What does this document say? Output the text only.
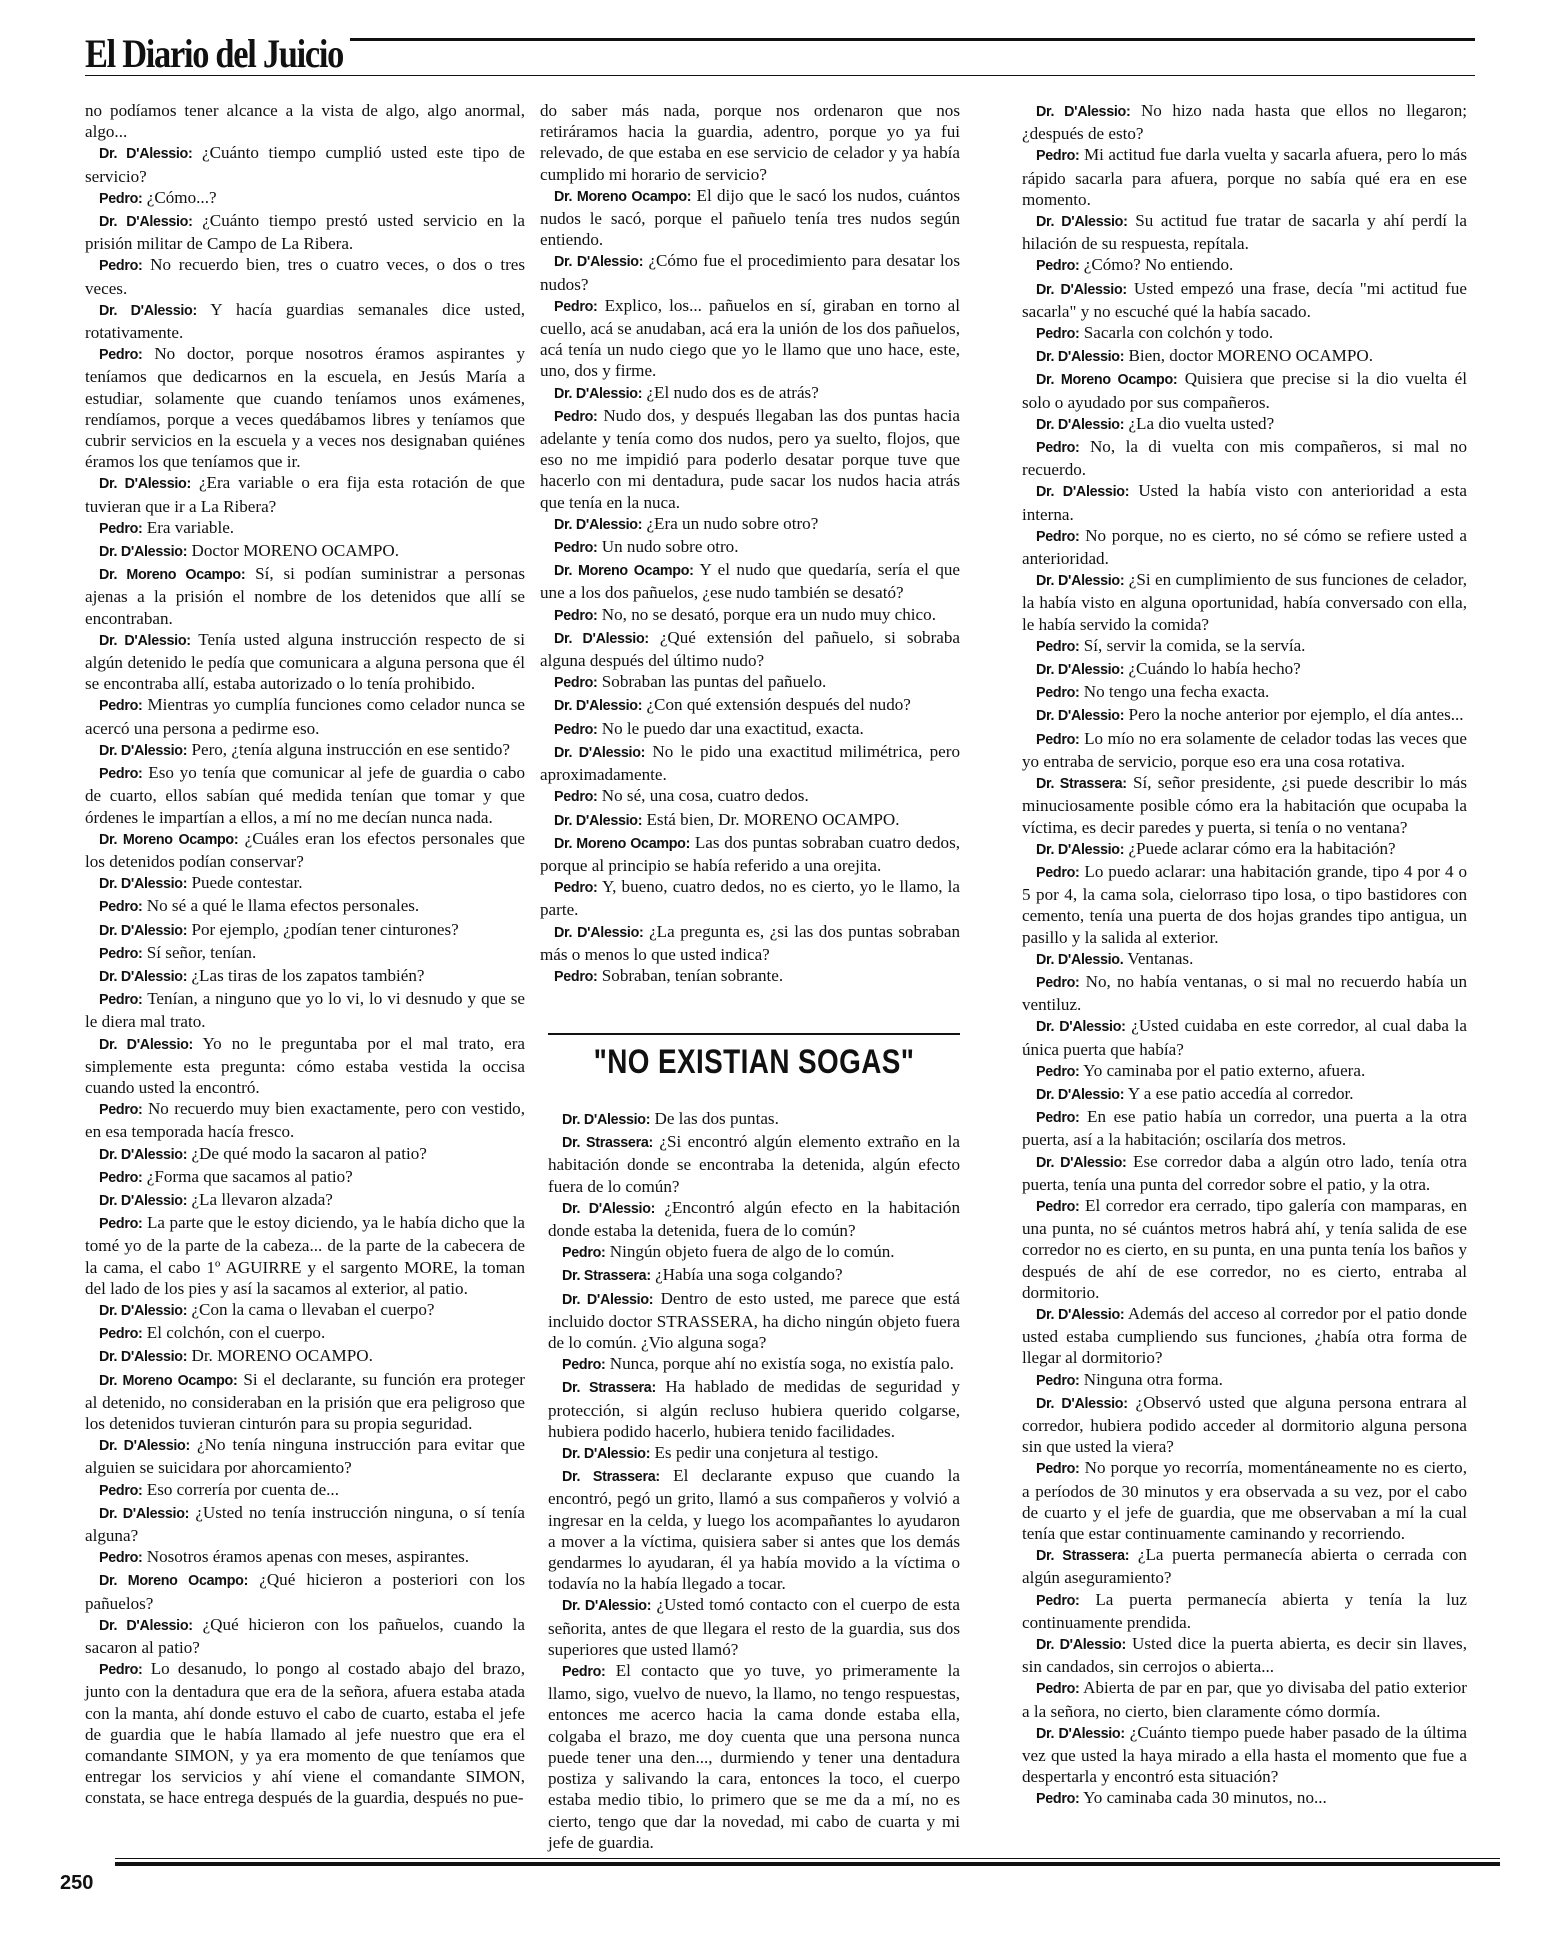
El Diario del Juicio

no podíamos tener alcance a la vista de algo, algo anormal, algo...

Dr. D'Alessio: ¿Cuánto tiempo cumplió usted este tipo de servicio?

Pedro: ¿Cómo...?

Dr. D'Alessio: ¿Cuánto tiempo prestó usted servicio en la prisión militar de Campo de La Ribera.

Pedro: No recuerdo bien, tres o cuatro veces, o dos o tres veces.

Dr. D'Alessio: Y hacía guardias semanales dice usted, rotativamente.

Pedro: No doctor, porque nosotros éramos aspirantes y teníamos que dedicarnos en la escuela, en Jesús María a estudiar, solamente que cuando teníamos unos exámenes, rendíamos, porque a veces quedábamos libres y teníamos que cubrir servicios en la escuela y a veces nos designaban quiénes éramos los que teníamos que ir.

Dr. D'Alessio: ¿Era variable o era fija esta rotación de que tuvieran que ir a La Ribera?

Pedro: Era variable.

Dr. D'Alessio: Doctor MORENO OCAMPO.

Dr. Moreno Ocampo: Sí, si podían suministrar a personas ajenas a la prisión el nombre de los detenidos que allí se encontraban.

Dr. D'Alessio: Tenía usted alguna instrucción respecto de si algún detenido le pedía que comunicara a alguna persona que él se encontraba allí, estaba autorizado o lo tenía prohibido.

Pedro: Mientras yo cumplía funciones como celador nunca se acercó una persona a pedirme eso.

Dr. D'Alessio: Pero, ¿tenía alguna instrucción en ese sentido?

Pedro: Eso yo tenía que comunicar al jefe de guardia o cabo de cuarto, ellos sabían qué medida tenían que tomar y que órdenes le impartían a ellos, a mí no me decían nunca nada.

Dr. Moreno Ocampo: ¿Cuáles eran los efectos personales que los detenidos podían conservar?

Dr. D'Alessio: Puede contestar.

Pedro: No sé a qué le llama efectos personales.

Dr. D'Alessio: Por ejemplo, ¿podían tener cinturones?

Pedro: Sí señor, tenían.

Dr. D'Alessio: ¿Las tiras de los zapatos también?

Pedro: Tenían, a ninguno que yo lo vi, lo vi desnudo y que se le diera mal trato.

Dr. D'Alessio: Yo no le preguntaba por el mal trato, era simplemente esta pregunta: cómo estaba vestida la occisa cuando usted la encontró.

Pedro: No recuerdo muy bien exactamente, pero con vestido, en esa temporada hacía fresco.

Dr. D'Alessio: ¿De qué modo la sacaron al patio?

Pedro: ¿Forma que sacamos al patio?

Dr. D'Alessio: ¿La llevaron alzada?

Pedro: La parte que le estoy diciendo, ya le había dicho que la tomé yo de la parte de la cabeza... de la parte de la cabecera de la cama, el cabo 1º AGUIRRE y el sargento MORE, la toman del lado de los pies y así la sacamos al exterior, al patio.

Dr. D'Alessio: ¿Con la cama o llevaban el cuerpo?

Pedro: El colchón, con el cuerpo.

Dr. D'Alessio: Dr. MORENO OCAMPO.

Dr. Moreno Ocampo: Si el declarante, su función era proteger al detenido, no consideraban en la prisión que era peligroso que los detenidos tuvieran cinturón para su propia seguridad.

Dr. D'Alessio: ¿No tenía ninguna instrucción para evitar que alguien se suicidara por ahorcamiento?

Pedro: Eso correría por cuenta de...

Dr. D'Alessio: ¿Usted no tenía instrucción ninguna, o sí tenía alguna?

Pedro: Nosotros éramos apenas con meses, aspirantes.

Dr. Moreno Ocampo: ¿Qué hicieron a posteriori con los pañuelos?

Dr. D'Alessio: ¿Qué hicieron con los pañuelos, cuando la sacaron al patio?

Pedro: Lo desanudo, lo pongo al costado abajo del brazo, junto con la dentadura que era de la señora, afuera estaba atada con la manta, ahí donde estuvo el cabo de cuarto, estaba el jefe de guardia que le había llamado al jefe nuestro que era el comandante SIMON, y ya era momento de que teníamos que entregar los servicios y ahí viene el comandante SIMON, constata, se hace entrega después de la guardia, después no pue-

do saber más nada, porque nos ordenaron que nos retiráramos hacia la guardia, adentro, porque yo ya fui relevado, de que estaba en ese servicio de celador y ya había cumplido mi horario de servicio?

Dr. Moreno Ocampo: El dijo que le sacó los nudos, cuántos nudos le sacó, porque el pañuelo tenía tres nudos según entiendo.

Dr. D'Alessio: ¿Cómo fue el procedimiento para desatar los nudos?

Pedro: Explico, los... pañuelos en sí, giraban en torno al cuello, acá se anudaban, acá era la unión de los dos pañuelos, acá tenía un nudo ciego que yo le llamo que uno hace, este, uno, dos y firme.

Dr. D'Alessio: ¿El nudo dos es de atrás?

Pedro: Nudo dos, y después llegaban las dos puntas hacia adelante y tenía como dos nudos, pero ya suelto, flojos, que eso no me impidió para poderlo desatar porque tuve que hacerlo con mi dentadura, pude sacar los nudos hacia atrás que tenía en la nuca.

Dr. D'Alessio: ¿Era un nudo sobre otro?

Pedro: Un nudo sobre otro.

Dr. Moreno Ocampo: Y el nudo que quedaría, sería el que une a los dos pañuelos, ¿ese nudo también se desató?

Pedro: No, no se desató, porque era un nudo muy chico.

Dr. D'Alessio: ¿Qué extensión del pañuelo, si sobraba alguna después del último nudo?

Pedro: Sobraban las puntas del pañuelo.

Dr. D'Alessio: ¿Con qué extensión después del nudo?

Pedro: No le puedo dar una exactitud, exacta.

Dr. D'Alessio: No le pido una exactitud milimétrica, pero aproximadamente.

Pedro: No sé, una cosa, cuatro dedos.

Dr. D'Alessio: Está bien, Dr. MORENO OCAMPO.

Dr. Moreno Ocampo: Las dos puntas sobraban cuatro dedos, porque al principio se había referido a una orejita.

Pedro: Y, bueno, cuatro dedos, no es cierto, yo le llamo, la parte.

Dr. D'Alessio: ¿La pregunta es, ¿si las dos puntas sobraban más o menos lo que usted indica?

Pedro: Sobraban, tenían sobrante.

"NO EXISTIAN SOGAS"

Dr. D'Alessio: De las dos puntas.

Dr. Strassera: ¿Si encontró algún elemento extraño en la habitación donde se encontraba la detenida, algún efecto fuera de lo común?

Dr. D'Alessio: ¿Encontró algún efecto en la habitación donde estaba la detenida, fuera de lo común?

Pedro: Ningún objeto fuera de algo de lo común.

Dr. Strassera: ¿Había una soga colgando?

Dr. D'Alessio: Dentro de esto usted, me parece que está incluido doctor STRASSERA, ha dicho ningún objeto fuera de lo común. ¿Vio alguna soga?

Pedro: Nunca, porque ahí no existía soga, no existía palo.

Dr. Strassera: Ha hablado de medidas de seguridad y protección, si algún recluso hubiera querido colgarse, hubiera podido hacerlo, hubiera tenido facilidades.

Dr. D'Alessio: Es pedir una conjetura al testigo.

Dr. Strassera: El declarante expuso que cuando la encontró, pegó un grito, llamó a sus compañeros y volvió a ingresar en la celda, y luego los acompañantes lo ayudaron a mover a la víctima, quisiera saber si antes que los demás gendarmes lo ayudaran, él ya había movido a la víctima o todavía no la había llegado a tocar.

Dr. D'Alessio: ¿Usted tomó contacto con el cuerpo de esta señorita, antes de que llegara el resto de la guardia, sus dos superiores que usted llamó?

Pedro: El contacto que yo tuve, yo primeramente la llamo, sigo, vuelvo de nuevo, la llamo, no tengo respuestas, entonces me acerco hacia la cama donde estaba ella, colgaba el brazo, me doy cuenta que una persona nunca puede tener una den..., durmiendo y tener una dentadura postiza y salivando la cara, entonces la toco, el cuerpo estaba medio tibio, lo primero que se me da a mí, no es cierto, tengo que dar la novedad, mi cabo de cuarta y mi jefe de guardia.

Dr. D'Alessio: No hizo nada hasta que ellos no llegaron; ¿después de esto?

Pedro: Mi actitud fue darla vuelta y sacarla afuera, pero lo más rápido sacarla para afuera, porque no sabía qué era en ese momento.

Dr. D'Alessio: Su actitud fue tratar de sacarla y ahí perdí la hilación de su respuesta, repítala.

Pedro: ¿Cómo? No entiendo.

Dr. D'Alessio: Usted empezó una frase, decía "mi actitud fue sacarla" y no escuché qué la había sacado.

Pedro: Sacarla con colchón y todo.

Dr. D'Alessio: Bien, doctor MORENO OCAMPO.

Dr. Moreno Ocampo: Quisiera que precise si la dio vuelta él solo o ayudado por sus compañeros.

Dr. D'Alessio: ¿La dio vuelta usted?

Pedro: No, la di vuelta con mis compañeros, si mal no recuerdo.

Dr. D'Alessio: Usted la había visto con anterioridad a esta interna.

Pedro: No porque, no es cierto, no sé cómo se refiere usted a anterioridad.

Dr. D'Alessio: ¿Si en cumplimiento de sus funciones de celador, la había visto en alguna oportunidad, había conversado con ella, le había servido la comida?

Pedro: Sí, servir la comida, se la servía.

Dr. D'Alessio: ¿Cuándo lo había hecho?

Pedro: No tengo una fecha exacta.

Dr. D'Alessio: Pero la noche anterior por ejemplo, el día antes...

Pedro: Lo mío no era solamente de celador todas las veces que yo entraba de servicio, porque eso era una cosa rotativa.

Dr. Strassera: Sí, señor presidente, ¿si puede describir lo más minuciosamente posible cómo era la habitación que ocupaba la víctima, es decir paredes y puerta, si tenía o no ventana?

Dr. D'Alessio: ¿Puede aclarar cómo era la habitación?

Pedro: Lo puedo aclarar: una habitación grande, tipo 4 por 4 o 5 por 4, la cama sola, cielorraso tipo losa, o tipo bastidores con cemento, tenía una puerta de dos hojas grandes tipo antigua, un pasillo y la salida al exterior.

Dr. D'Alessio. Ventanas.

Pedro: No, no había ventanas, o si mal no recuerdo había un ventiluz.

Dr. D'Alessio: ¿Usted cuidaba en este corredor, al cual daba la única puerta que había?

Pedro: Yo caminaba por el patio externo, afuera.

Dr. D'Alessio: Y a ese patio accedía al corredor.

Pedro: En ese patio había un corredor, una puerta a la otra puerta, así a la habitación; oscilaría dos metros.

Dr. D'Alessio: Ese corredor daba a algún otro lado, tenía otra puerta, tenía una punta del corredor sobre el patio, y la otra.

Pedro: El corredor era cerrado, tipo galería con mamparas, en una punta, no sé cuántos metros habrá ahí, y tenía salida de ese corredor no es cierto, en su punta, en una punta tenía los baños y después de ahí de ese corredor, no es cierto, entraba al dormitorio.

Dr. D'Alessio: Además del acceso al corredor por el patio donde usted estaba cumpliendo sus funciones, ¿había otra forma de llegar al dormitorio?

Pedro: Ninguna otra forma.

Dr. D'Alessio: ¿Observó usted que alguna persona entrara al corredor, hubiera podido acceder al dormitorio alguna persona sin que usted la viera?

Pedro: No porque yo recorría, momentáneamente no es cierto, a períodos de 30 minutos y era observada a su vez, por el cabo de cuarto y el jefe de guardia, que me observaban a mí la cual tenía que estar continuamente caminando y recorriendo.

Dr. Strassera: ¿La puerta permanecía abierta o cerrada con algún aseguramiento?

Pedro: La puerta permanecía abierta y tenía la luz continuamente prendida.

Dr. D'Alessio: Usted dice la puerta abierta, es decir sin llaves, sin candados, sin cerrojos o abierta...

Pedro: Abierta de par en par, que yo divisaba del patio exterior a la señora, no cierto, bien claramente cómo dormía.

Dr. D'Alessio: ¿Cuánto tiempo puede haber pasado de la última vez que usted la haya mirado a ella hasta el momento que fue a despertarla y encontró esta situación?

Pedro: Yo caminaba cada 30 minutos, no...

250
